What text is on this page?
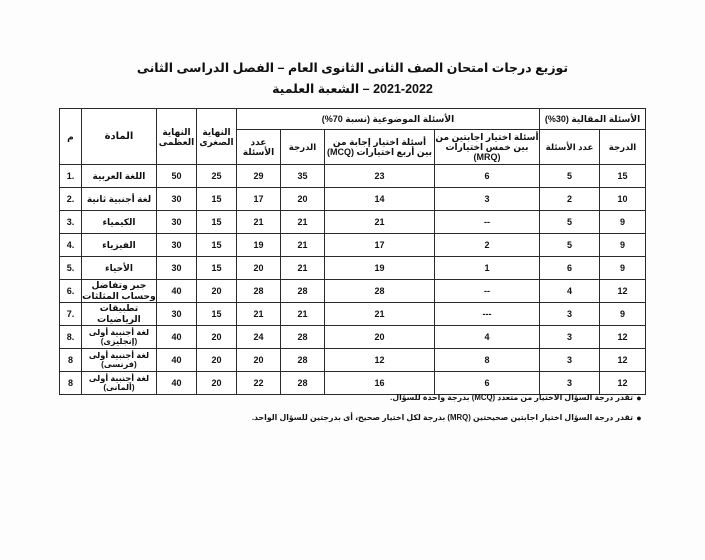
توزيع درجات امتحان الصف الثانى الثانوى العام – الفصل الدراسى الثانى
2021-2022 – الشعبة العلمية
الأسئلة المقالية (30%)		الأسئلة الموضوعية (نسبة 70%)				النهاية الصغرى	النهاية العظمى	المادة	م
الدرجة	عدد الأسئلة	أسئلة اختيار اجابتين من بين خمس اختيارات (MRQ)	أسئلة اختيار إجابة من بين أربع اختيارات (MCQ)	الدرجة	عدد الأسئلة				
15	5	6	23	35	29	25	50	اللغة العربية	1.
10	2	3	14	20	17	15	30	لغة أجنبية ثانية	2.
9	5	--	21	21	21	15	30	الكيمياء	3.
9	5	2	17	21	19	15	30	الفيزياء	4.
9	6	1	19	21	20	15	30	الأحياء	5.
12	4	--	28	28	28	20	40	جبر وتفاضل وحساب المثلثات	6.
9	3	---	21	21	21	15	30	تطبيقات الرياضيات	7.
12	3	4	20	28	24	20	40	لغة أجنبية أولى (إنجليزى)	8.
12	3	8	12	28	20	20	40	لغة أجنبية أولى (فرنسى)	8
12	3	6	16	28	22	20	40	لغة أجنبية أولى (ألمانى)	8
●
تقدر درجة السؤال الاختيار من متعدد (MCQ) بدرجة واحدة للسؤال.
●
تقدر درجة السؤال اختيار اجابتين صحيحتين (MRQ) بدرجة لكل اختيار صحيح، أى بدرجتين للسؤال الواحد.
